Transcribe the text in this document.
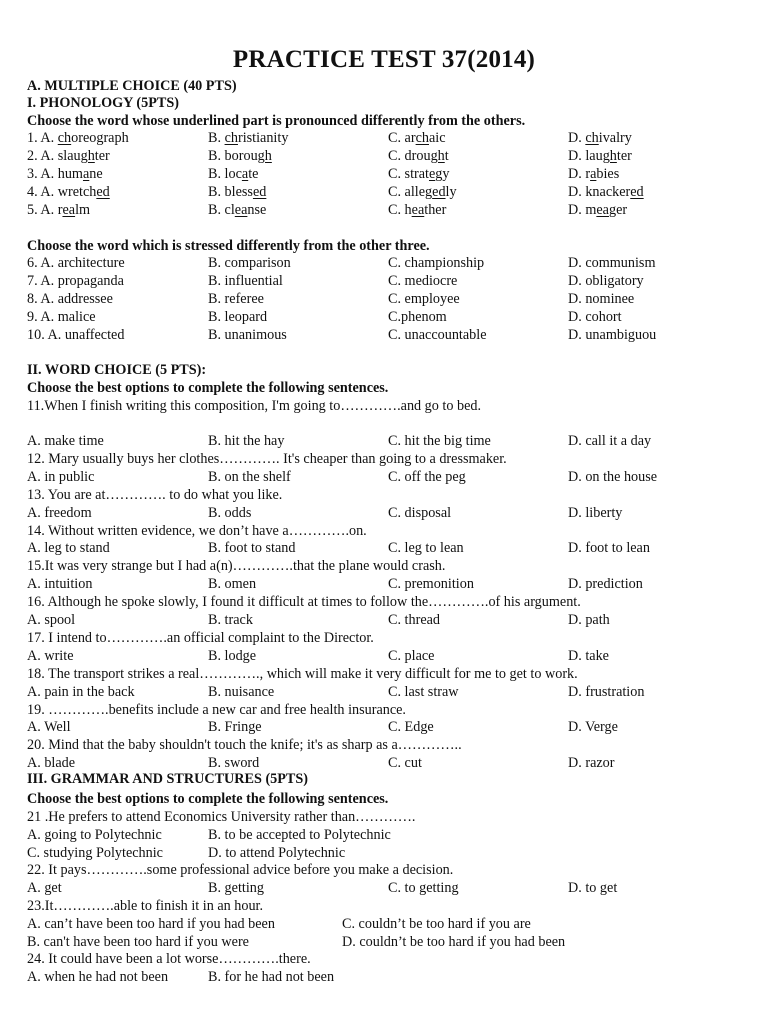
PRACTICE TEST 37(2014)
A. MULTIPLE CHOICE (40 PTS)
I. PHONOLOGY (5PTS)
Choose the word whose underlined part is pronounced differently from the others.
1. A. choreograph	B. christianity	C. archaic	D. chivalry
2. A. slaughter	B. borough	C. drought	D. laughter
3. A. humane	B. locate	C. strategy	D. rabies
4. A. wretched	B. blessed	C. allegedly	D. knackered
5. A. realm	B. cleanse	C. heather	D. meager
Choose the word which is stressed differently from the other three.
6. A. architecture	B. comparison	C. championship	D. communism
7. A. propaganda	B. influential	C. mediocre	D. obligatory
8. A. addressee	B. referee	C. employee	D. nominee
9. A. malice	B. leopard	C.phenom	D. cohort
10. A. unaffected	B. unanimous	C. unaccountable	D. unambiguou
II. WORD CHOICE (5 PTS):
Choose the best options to complete the following sentences.
11.When I finish writing this composition, I'm going to………….and go to bed.
A. make time	B. hit the hay	C. hit the big time	D. call it a day
12. Mary usually buys her clothes…………. It's cheaper than going to a dressmaker.
A. in public	B. on the shelf	C. off the peg	D. on the house
13. You are at…………. to do what you like.
A. freedom	B. odds	C. disposal	D. liberty
14. Without written evidence, we don’t have a………….on.
A. leg to stand	B. foot to stand	C. leg to lean	D. foot to lean
15.It was very strange but I had a(n)………….that the plane would crash.
A. intuition	B. omen	C. premonition	D. prediction
16. Although he spoke slowly, I found it difficult at times to follow the………….of his argument.
A. spool	B. track	C. thread	D. path
17. I intend to………….an official complaint to the Director.
A. write	B. lodge	C. place	D. take
18. The transport strikes a real…………., which will make it very difficult for me to get to work.
A. pain in the back	B. nuisance	C. last straw	D. frustration
19. ………….benefits include a new car and free health insurance.
A. Well	B. Fringe	C. Edge	D. Verge
20. Mind that the baby shouldn't touch the knife; it's as sharp as a…………..
A. blade	B. sword	C. cut	D. razor
III. GRAMMAR AND STRUCTURES (5PTS)
Choose the best options to complete the following sentences.
21 .He prefers to attend Economics University rather than………….
A. going to Polytechnic	B. to be accepted to Polytechnic
C. studying Polytechnic	D. to attend Polytechnic
22. It pays………….some professional advice before you make a decision.
A. get	B. getting	C. to getting	D. to get
23.It………….able to finish it in an hour.
A. can’t have been too hard if you had been	C. couldn’t be too hard if you are
B. can't have been too hard if you were	D. couldn’t be too hard if you had been
24. It could have been a lot worse………….there.
A. when he had not been	B. for he had not been
